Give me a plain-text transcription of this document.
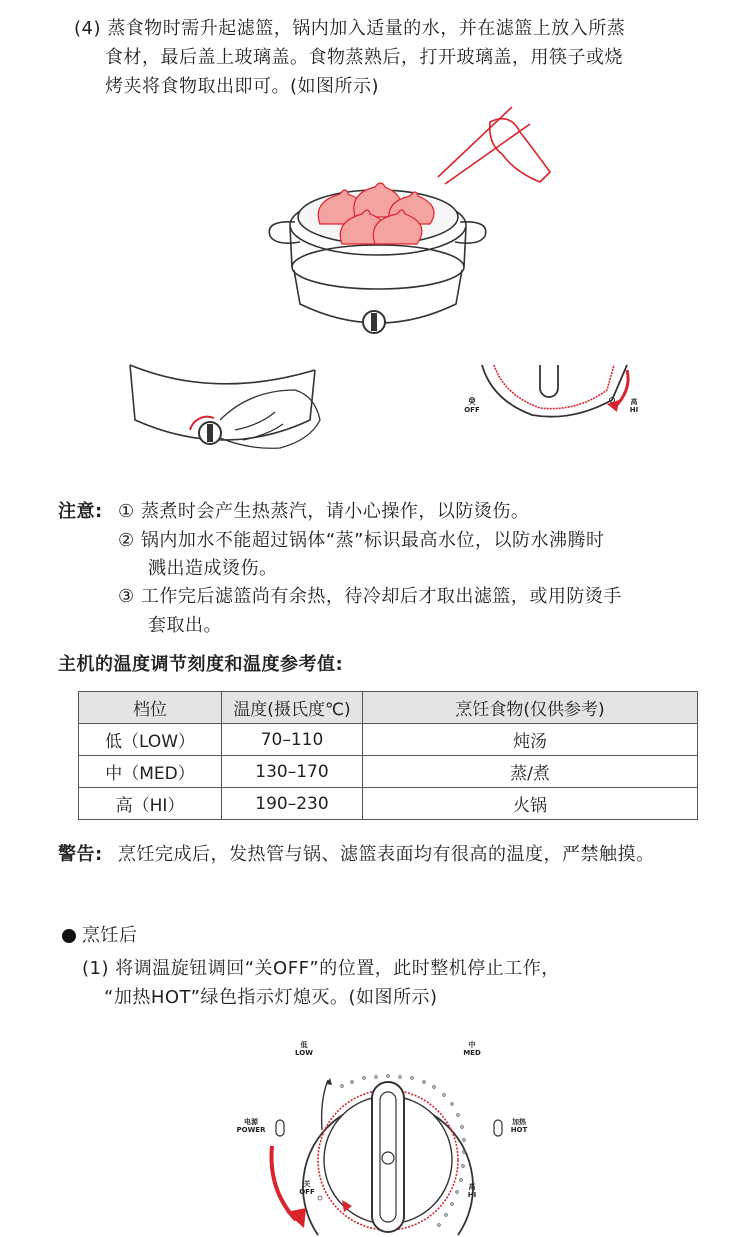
(4) 蒸食物时需升起滤篮，锅内加入适量的水，并在滤篮上放入所蒸
食材，最后盖上玻璃盖。食物蒸熟后，打开玻璃盖，用筷子或烧
烤夹将食物取出即可。(如图所示)
关
OFF
高
HI
注意: ① 蒸煮时会产生热蒸汽，请小心操作，以防烫伤。
② 锅内加水不能超过锅体“蒸”标识最高水位，以防水沸腾时
溅出造成烫伤。
③ 工作完后滤篮尚有余热，待冷却后才取出滤篮，或用防烫手
套取出。
主机的温度调节刻度和温度参考值:
档位	温度(摄氏度℃)	烹饪食物(仅供参考)
低（LOW）	70–110	炖汤
中（MED）	130–170	蒸/煮
高（HI）	190–230	火锅
警告: 烹饪完成后，发热管与锅、滤篮表面均有很高的温度，严禁触摸。
烹饪后
(1) 将调温旋钮调回“关OFF”的位置，此时整机停止工作，
“加热HOT”绿色指示灯熄灭。(如图所示)
低
LOW
中
MED
电源
POWER
加热
HOT
关
OFF
高
HI
